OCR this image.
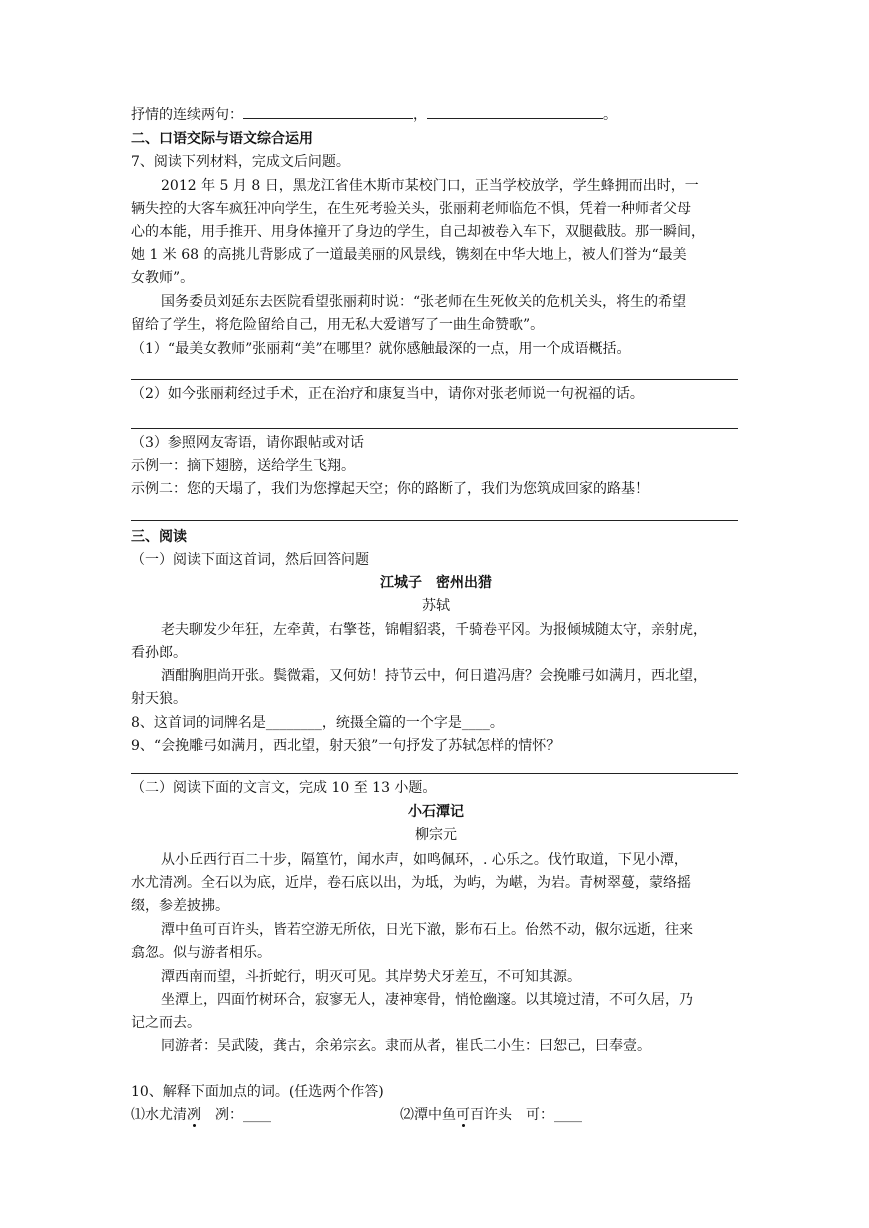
抒情的连续两句：	，	。
二、口语交际与语文综合运用
7、阅读下列材料，完成文后问题。
2012 年 5 月 8 日，黑龙江省佳木斯市某校门口，正当学校放学，学生蜂拥而出时，一
辆失控的大客车疯狂冲向学生，在生死考验关头，张丽莉老师临危不惧，凭着一种师者父母
心的本能，用手推开、用身体撞开了身边的学生，自己却被卷入车下，双腿截肢。那一瞬间，
她 1 米 68 的高挑儿背影成了一道最美丽的风景线，镌刻在中华大地上，被人们誉为“最美
女教师”。
国务委员刘延东去医院看望张丽莉时说：“张老师在生死攸关的危机关头，将生的希望
留给了学生，将危险留给自己，用无私大爱谱写了一曲生命赞歌”。
（1）“最美女教师”张丽莉“美”在哪里？就你感触最深的一点，用一个成语概括。
（2）如今张丽莉经过手术，正在治疗和康复当中，请你对张老师说一句祝福的话。
（3）参照网友寄语，请你跟帖或对话
示例一：摘下翅膀，送给学生飞翔。
示例二：您的天塌了，我们为您撑起天空；你的路断了，我们为您筑成回家的路基！
三、阅读
（一）阅读下面这首词，然后回答问题
江城子　密州出猎
苏轼
老夫聊发少年狂，左牵黄，右擎苍，锦帽貂裘，千骑卷平冈。为报倾城随太守，亲射虎，
看孙郎。
酒酣胸胆尚开张。鬓微霜，又何妨！持节云中，何日遣冯唐？会挽雕弓如满月，西北望，
射天狼。
8、这首词的词牌名是________，统摄全篇的一个字是____。
9、“会挽雕弓如满月，西北望，射天狼”一句抒发了苏轼怎样的情怀？
（二）阅读下面的文言文，完成 10 至 13 小题。
小石潭记
柳宗元
从小丘西行百二十步，隔篁竹，闻水声，如鸣佩环，. 心乐之。伐竹取道，下见小潭，
水尤清冽。全石以为底，近岸，卷石底以出，为坻，为屿，为嵁，为岩。青树翠蔓，蒙络摇
缀，参差披拂。
潭中鱼可百许头，皆若空游无所依，日光下澈，影布石上。佁然不动，俶尔远逝，往来
翕忽。似与游者相乐。
潭西南而望，斗折蛇行，明灭可见。其岸势犬牙差互，不可知其源。
坐潭上，四面竹树环合，寂寥无人，凄神寒骨，悄怆幽邃。以其境过清，不可久居，乃
记之而去。
同游者：吴武陵，龚古，余弟宗玄。隶而从者，崔氏二小生：曰恕己，曰奉壹。
10、解释下面加点的词。(任选两个作答)
⑴水尤清冽　冽：____	⑵潭中鱼可百许头　可：____
